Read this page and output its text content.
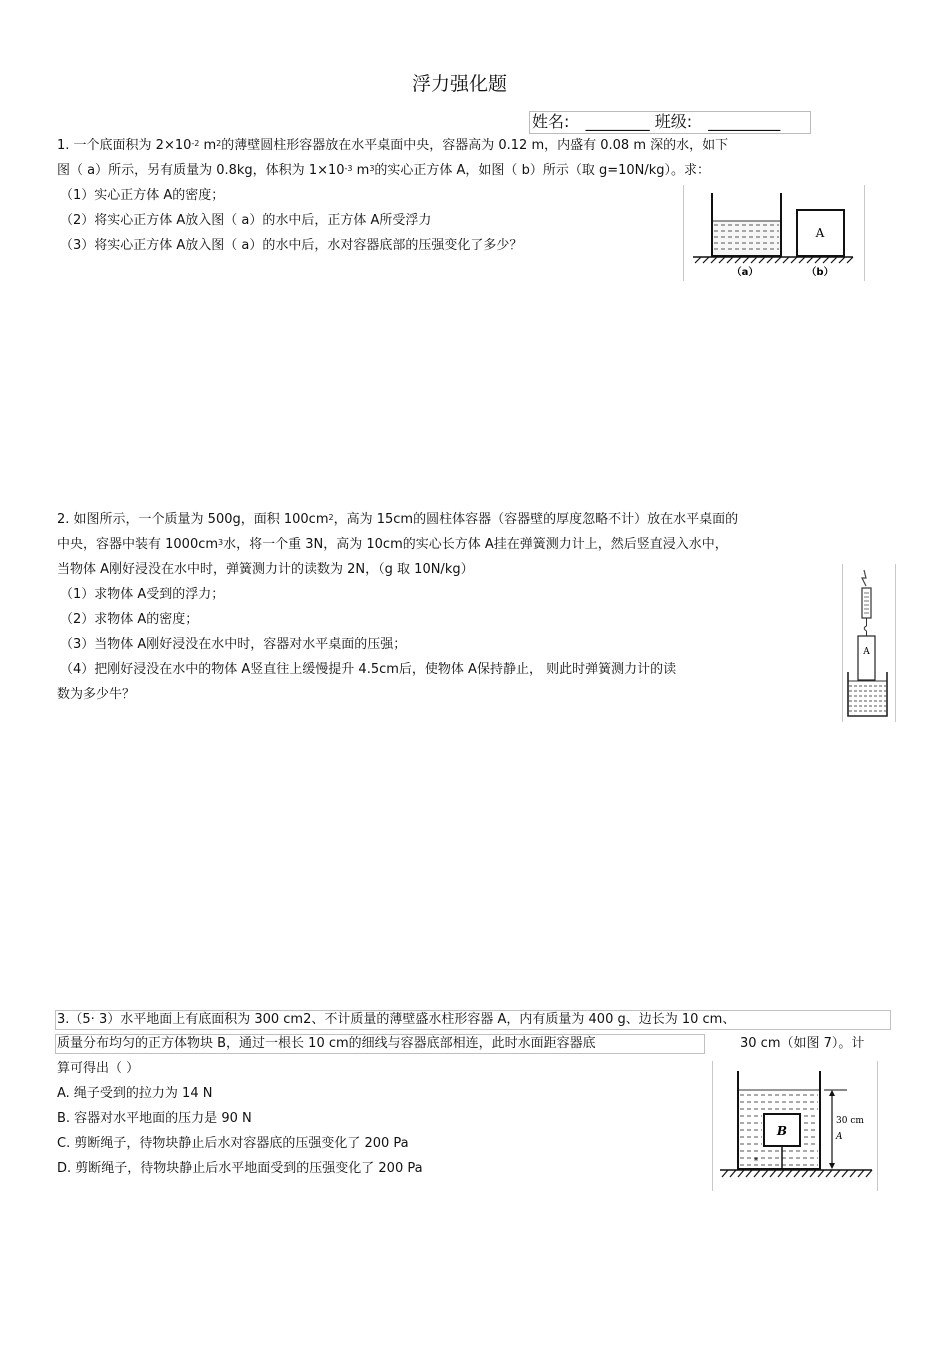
浮力强化题
姓名: ________ 班级: _________
1. 一个底面积为 $2\times 10^{-2}$ $m^2$的薄壁圆柱形容器放在水平桌面中央，容器高为 0.12 m，内盛有 0.08 m 深的水，如下
图（ a）所示，另有质量为 0.8kg，体积为 $1\times 10^{-3}$ $m^3$的实心正方体 A，如图（ b）所示（取 g=10N/kg）。求：
（1）实心正方体 A的密度；
（2）将实心正方体 A放入图（ a）的水中后，正方体 A所受浮力
（3）将实心正方体 A放入图（ a）的水中后，水对容器底部的压强变化了多少？
A
（a）	（b）
2. 如图所示，一个质量为 500g，面积 $100cm^2$，高为 15cm的圆柱体容器（容器壁的厚度忽略不计）放在水平桌面的
中央，容器中装有 $1000cm^3$水，将一个重 3N，高为 10cm的实心长方体 A挂在弹簧测力计上，然后竖直浸入水中，
当物体 A刚好浸没在水中时，弹簧测力计的读数为 2N，（g 取 10N/kg）
（1）求物体 A受到的浮力；
（2）求物体 A的密度；
（3）当物体 A刚好浸没在水中时，容器对水平桌面的压强；
（4）把刚好浸没在水中的物体 A竖直往上缓慢提升 4.5cm后，使物体 A保持静止， 则此时弹簧测力计的读
数为多少牛？
A
3.（5· 3）水平地面上有底面积为 300 cm2、不计质量的薄壁盛水柱形容器 A，内有质量为 400 g、边长为 10 cm、
质量分布均匀的正方体物块 B，通过一根长 10 cm的细线与容器底部相连，此时水面距容器底	30 cm（如图 7）。计
算可得出（ ）
A. 绳子受到的拉力为 14 N
B. 容器对水平地面的压力是 90 N
C. 剪断绳子，待物块静止后水对容器底的压强变化了 200 Pa
D. 剪断绳子，待物块静止后水平地面受到的压强变化了 200 Pa
B
*
A
30 cm
